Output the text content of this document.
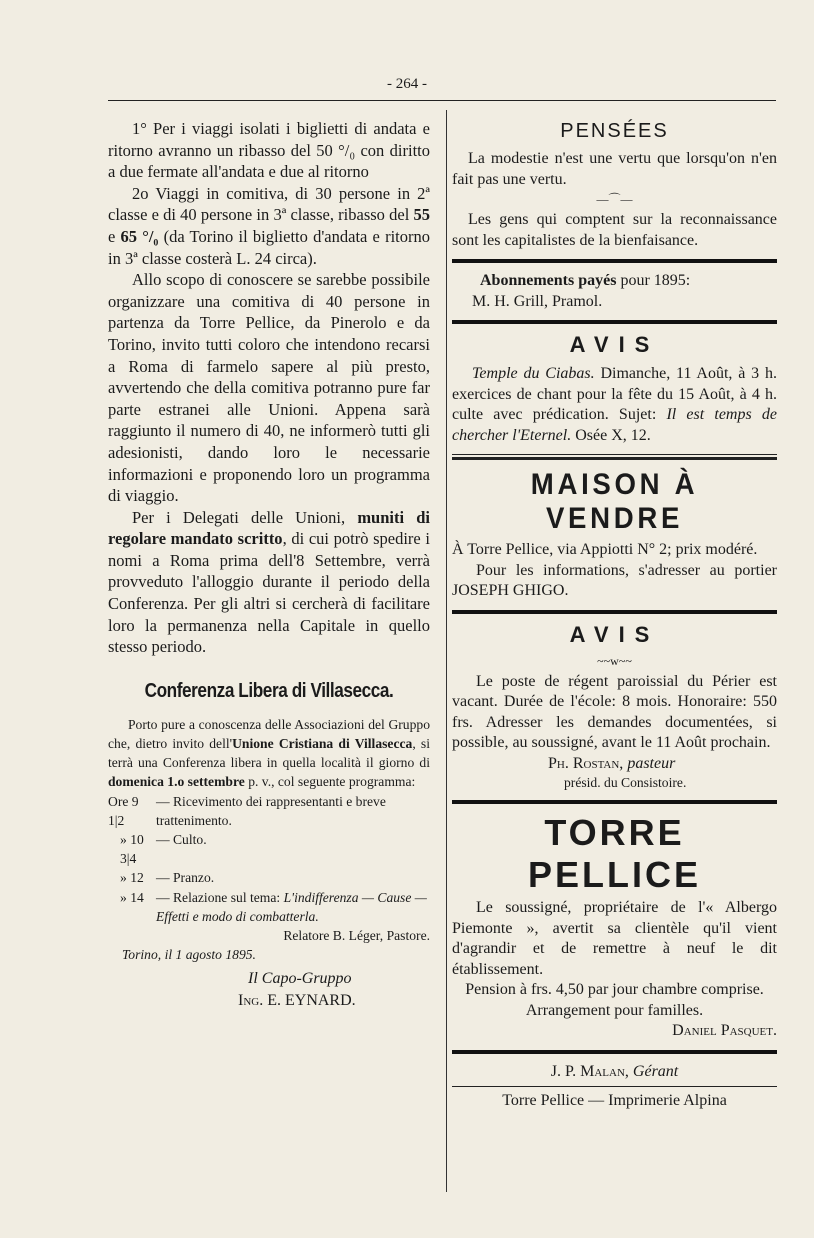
- 264 -

1° Per i viaggi isolati i biglietti di andata e ritorno avranno un ribasso del 50 °/₀ con diritto a due fermate all'andata e due al ritorno

2o Viaggi in comitiva, di 30 persone in 2ª classe e di 40 persone in 3ª classe, ribasso del 55 e 65 °/₀ (da Torino il biglietto d'andata e ritorno in 3ª classe costerà L. 24 circa).

Allo scopo di conoscere se sarebbe possibile organizzare una comitiva di 40 persone in partenza da Torre Pellice, da Pinerolo e da Torino, invito tutti coloro che intendono recarsi a Roma di farmelo sapere al più presto, avvertendo che della comitiva potranno pure far parte estranei alle Unioni. Appena sarà raggiunto il numero di 40, ne informerò tutti gli adesionisti, dando loro le necessarie informazioni e proponendo loro un programma di viaggio.

Per i Delegati delle Unioni, muniti di regolare mandato scritto, di cui potrò spedire i nomi a Roma prima dell'8 Settembre, verrà provveduto l'alloggio durante il periodo della Conferenza. Per gli altri si cercherà di facilitare loro la permanenza nella Capitale in quello stesso periodo.

Conferenza Libera di Villasecca.

Porto pure a conoscenza delle Associazioni del Gruppo che, dietro invito dell'Unione Cristiana di Villasecca, si terrà una Conferenza libera in quella località il giorno di domenica 1.o settembre p. v., col seguente programma:

Ore 9 1|2
— Ricevimento dei rappresentanti e breve trattenimento.
» 10 3|4
— Culto.
» 12 — Pranzo.
» 14 — Relazione sul tema: L'indifferenza — Cause — Effetti e modo di combatterla.
Relatore B. Léger, Pastore.
Torino, il 1 agosto 1895.
Il Capo-Gruppo
Ing. E. EYNARD.
PENSÉES

La modestie n'est une vertu que lorsqu'on n'en fait pas une vertu.

—⌒—

Les gens qui comptent sur la reconnaissance sont les capitalistes de la bienfaisance.

Abonnements payés pour 1895:

M. H. Grill, Pramol.

AVIS

Temple du Ciabas. Dimanche, 11 Août, à 3 h. exercices de chant pour la fête du 15 Août, à 4 h. culte avec prédication. Sujet: Il est temps de chercher l'Eternel. Osée X, 12.

MAISON À VENDRE

À Torre Pellice, via Appiotti N° 2; prix modéré.

Pour les informations, s'adresser au portier JOSEPH GHIGO.

AVIS
~~w~~

Le poste de régent paroissial du Périer est vacant. Durée de l'école: 8 mois. Honoraire: 550 frs. Adresser les demandes documentées, si possible, au soussigné, avant le 11 Août prochain.

Ph. Rostan, pasteur
présid. du Consistoire.
TORRE PELLICE

Le soussigné, propriétaire de l'« Albergo Piemonte », avertit sa clientèle qu'il vient d'agrandir et de remettre à neuf le dit établissement.

Pension à frs. 4,50 par jour chambre comprise.

Arrangement pour familles.

Daniel Pasquet.

J. P. Malan, Gérant
Torre Pellice — Imprimerie Alpina
